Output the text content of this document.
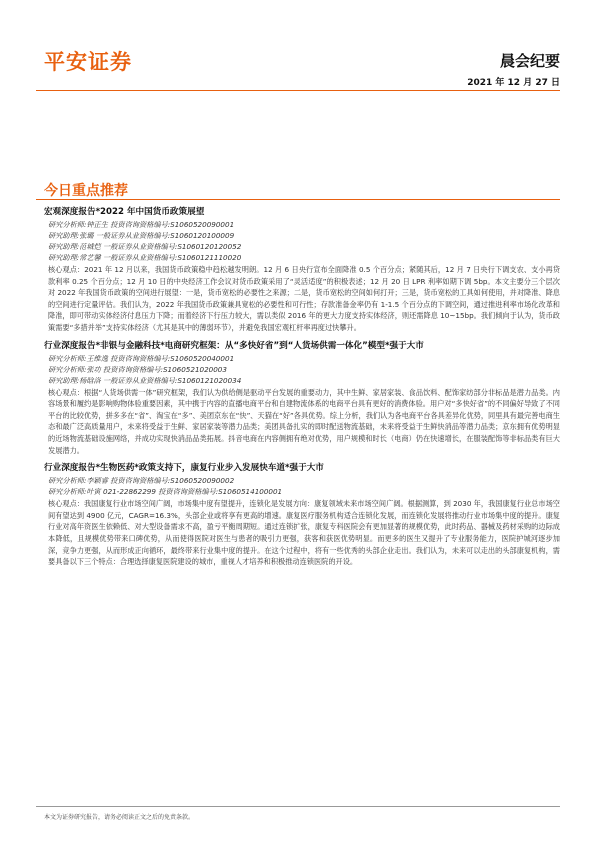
平安证券	晨会纪要
2021 年 12 月 27 日
今日重点推荐
宏观深度报告*2022 年中国货币政策展望
研究分析师:钟正生 投资咨询资格编号:S1060520090001
研究助理:张璐 一般证券从业资格编号:S1060120100009
研究助理:范城恺 一般证券从业资格编号:S1060120120052
研究助理:常艺馨 一般证券从业资格编号:S1060121110020
核心观点：2021 年 12 月以来，我国货币政策稳中趋松越发明朗。12 月 6 日央行宣布全面降准 0.5 个百分点；紧随其后，12 月 7 日央行下调支农、支小再贷款利率 0.25 个百分点；12 月 10 日的中央经济工作会议对货币政策采用了“灵活适度”的积极表述；12 月 20 日 LPR 利率如期下调 5bp。本文主要分三个层次对 2022 年我国货币政策的空间进行展望：一是，货币宽松的必要性之来源；二是，货币宽松的空间如何打开；三是，货币宽松的工具如何使用，并对降准、降息的空间进行定量评估。我们认为，2022 年我国货币政策兼具宽松的必要性和可行性；存款准备金率仍有 1-1.5 个百分点的下调空间，通过推进利率市场化改革和降准，即可带动实体经济付息压力下降；而着经济下行压力较大，需以类似 2016 年的更大力度支持实体经济，则还需降息 10~15bp。我们倾向于认为，货币政策需要“多措并举”支持实体经济（尤其是其中的薄弱环节），并避免我国宏观杠杆率再度过快攀升。
行业深度报告*非银与金融科技*电商研究框架：从“多快好省”到“人货场供需一体化”模型*强于大市
研究分析师:王维逸 投资咨询资格编号:S1060520040001
研究分析师:张功 投资咨询资格编号:S1060521020003
研究助理:杨晗洛 一般证券从业资格编号:S1060121020034
核心观点：根据“人货场供需一体”研究框架，我们认为供给侧是驱动平台发展的重要动力，其中生鲜、家居家装、食品饮料、配饰家纺部分非标品是潜力品类。内容场景和履约是影响购物体验重要因素，其中携于内容的直播电商平台和自建物流体系的电商平台具有更好的消费体验。用户对“多快好省”的不同偏好导致了不同平台的比较优势，拼多多在“省”、淘宝在“多”、美团京东在“快”、天猫在“好”各具优势。综上分析，我们认为各电商平台各具差异化优势，同里具有最完善电商生态和最广泛高质量用户，未来将受益于生鲜、家居家装等潜力品类；美团具备扎实的即时配送物流基础，未来将受益于生鲜快消品等潜力品类；京东拥有优势明显的近场物流基础设施网络，并成功实现快消品品类拓展。抖音电商在内容侧拥有绝对优势，用户规模和时长（电商）仍在快速增长，在服装配饰等非标品类有巨大发展潜力。
行业深度报告*生物医药*政策支持下，康复行业步入发展快车道*强于大市
研究分析师:李颖睿 投资咨询资格编号:S1060520090002
研究分析师:叶寅 021-22862299 投资咨询资格编号:S1060514100001
核心观点：我国康复行业市场空间广阔，市场集中度有望提升，连锁化是发展方向：康复领域未来市场空间广阔。根据测算，到 2030 年，我国康复行业总市场空间有望达到 4900 亿元，CAGR=16.3%，头部企业或将享有更高的增速。康复医疗服务机构适合连锁化发展，而连锁化发展将推动行业市场集中度的提升。康复行业对高年资医生依赖低、对大型设备需求不高，盈亏平衡周期短。通过连锁扩张，康复专科医院会有更加显著的规模优势，此时药品、器械及药材采购的边际成本降低，且规模优势带来口碑优势，从而使得医院对医生与患者的吸引力更强，获客和获医优势明显。而更多的医生又提升了专业服务能力，医院护城河逐步加深，竞争力更强，从而形成正向循环，最终带来行业集中度的提升。在这个过程中，将有一些优秀的头部企业走出。我们认为，未来可以走出的头部康复机构，需要具备以下三个特点：合理选择康复医院建设的城市，重视人才培养和积极推动连锁医院的开设。
本文为证券研究报告，请务必阅读正文之后的免责条款。
